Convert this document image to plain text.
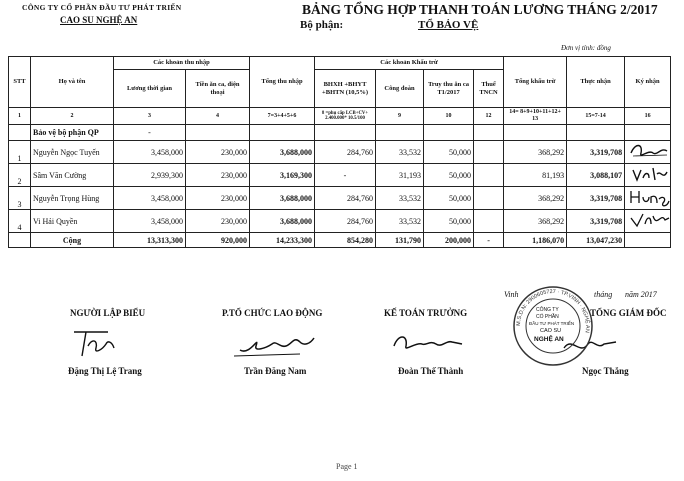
CÔNG TY CỔ PHẦN ĐẦU TƯ PHÁT TRIỂN
CAO SU NGHỆ AN
BẢNG TỔNG HỢP THANH TOÁN LƯƠNG THÁNG 2/2017
Bộ phận:	TỔ BẢO VỆ
Đơn vị tính: đồng
STT	Họ và tên	Các khoản thu nhập		Tổng thu nhập	Các khoản Khấu trừ				Tổng khấu trừ	Thực nhận	Ký nhận
		Lương thời gian	Tiền ăn ca, điện thoại		BHXH +BHYT +BHTN (10,5%)	Công đoàn	Truy thu ăn ca T1/2017	Thuế TNCN			
1	2	3	4	7=3+4+5+6	8 =phụ cấp LCB+CV+ 2.400.000* 10.5/100	9	10	12	14= 8+9+10+11+12+ 13	15=7-14	16
	Bảo vệ bộ phận QP	-									
1	Nguyễn Ngọc Tuyến	3,458,000	230,000	3,688,000	284,760	33,532	50,000		368,292	3,319,708	
2	Sâm Văn Cường	2,939,300	230,000	3,169,300	-	31,193	50,000		81,193	3,088,107	
3	Nguyễn Trọng Hùng	3,458,000	230,000	3,688,000	284,760	33,532	50,000		368,292	3,319,708	
4	Vi Hải Quyền	3,458,000	230,000	3,688,000	284,760	33,532	50,000		368,292	3,319,708	
	Cộng	13,313,300	920,000	14,233,300	854,280	131,790	200,000	-	1,186,070	13,047,230	
Vinh	tháng năm 2017
NGƯỜI LẬP BIỂU	P.TỔ CHỨC LAO ĐỘNG	KẾ TOÁN TRƯỞNG	TỔNG GIÁM ĐỐC
M.S.D.N: 2900605727 · TP.VINH · NGHỆ AN
CÔNG TY
CỔ PHẦN
ĐẦU TƯ PHÁT TRIỂN
CAO SU
NGHỆ AN
Đặng Thị Lệ Trang	Trần Đăng Nam	Đoàn Thế Thành	Ngọc Thắng
Page 1
